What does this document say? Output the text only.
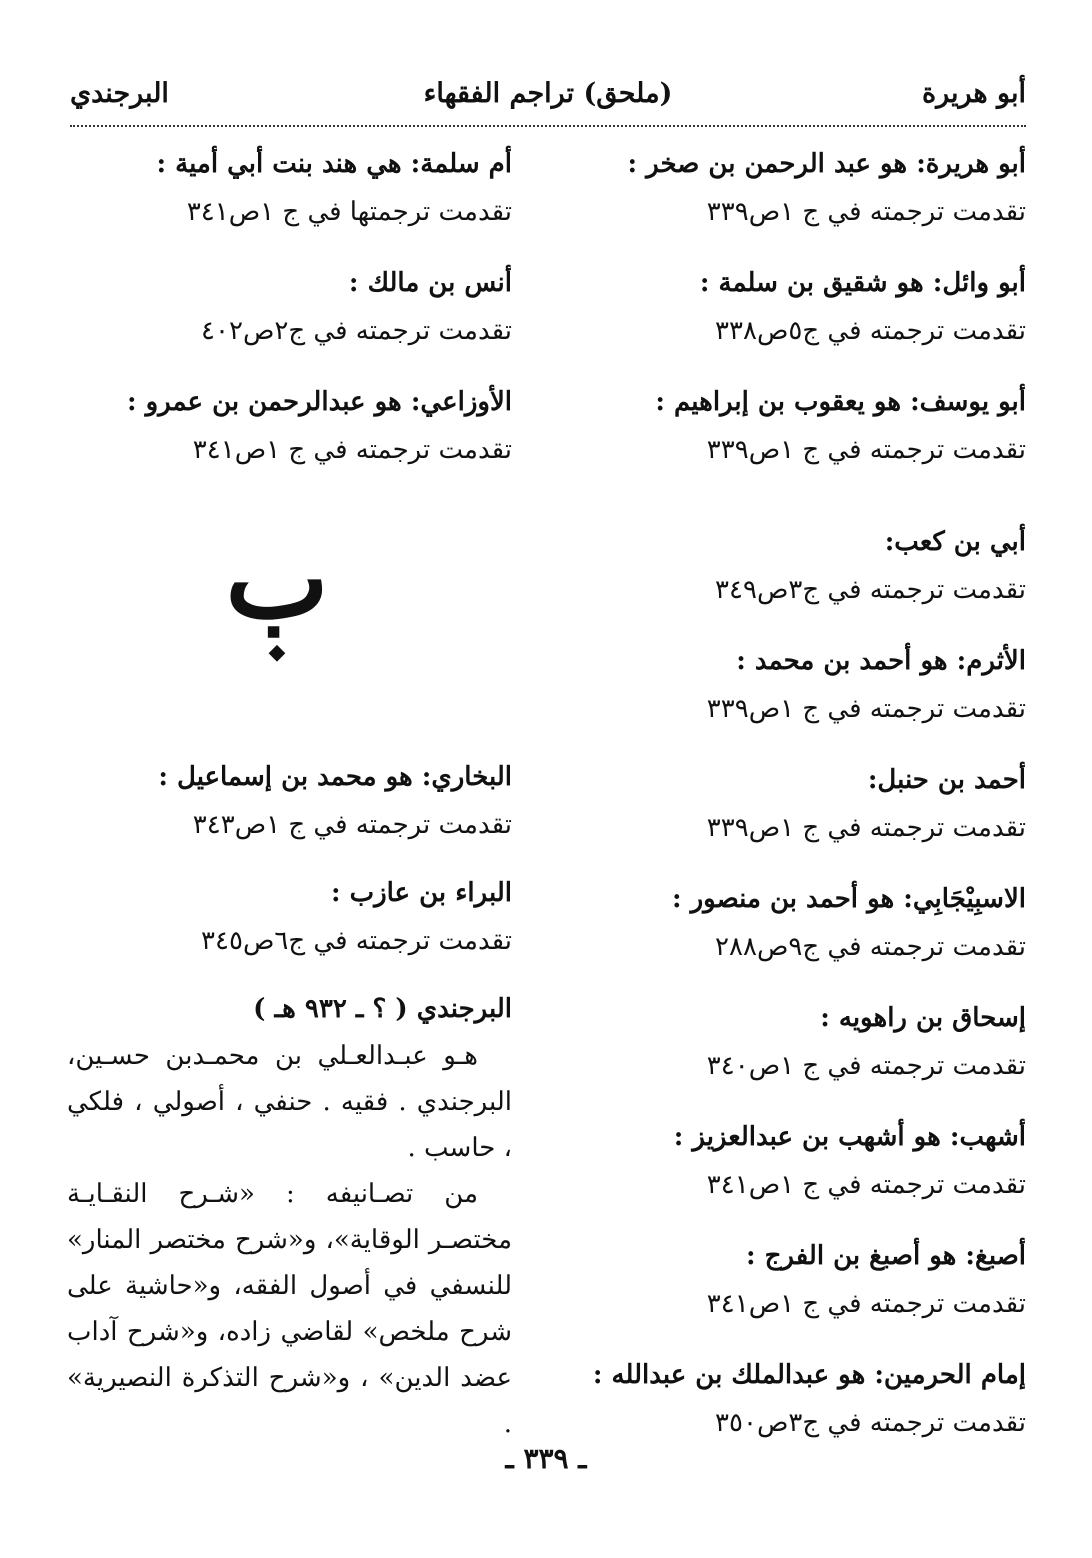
أبو هريرة
(ملحق) تراجم الفقهاء
البرجندي
أبو هريرة: هو عبد الرحمن بن صخر :
تقدمت ترجمته في ج ١ص٣٣٩
أبو وائل: هو شقيق بن سلمة :
تقدمت ترجمته في ج٥ص٣٣٨
أبو يوسف: هو يعقوب بن إبراهيم :
تقدمت ترجمته في ج ١ص٣٣٩
أبي بن كعب:
تقدمت ترجمته في ج٣ص٣٤٩
الأثرم: هو أحمد بن محمد :
تقدمت ترجمته في ج ١ص٣٣٩
أحمد بن حنبل:
تقدمت ترجمته في ج ١ص٣٣٩
الاسبِيْجَابِي: هو أحمد بن منصور :
تقدمت ترجمته في ج٩ص٢٨٨
إسحاق بن راهويه :
تقدمت ترجمته في ج ١ص٣٤٠
أشهب: هو أشهب بن عبدالعزيز :
تقدمت ترجمته في ج ١ص٣٤١
أصبغ: هو أصبغ بن الفرج :
تقدمت ترجمته في ج ١ص٣٤١
إمام الحرمين: هو عبدالملك بن عبدالله :
تقدمت ترجمته في ج٣ص٣٥٠
أم سلمة: هي هند بنت أبي أمية :
تقدمت ترجمتها في ج ١ص٣٤١
أنس بن مالك :
تقدمت ترجمته في ج٢ص٤٠٢
الأوزاعي: هو عبدالرحمن بن عمرو :
تقدمت ترجمته في ج ١ص٣٤١
ب
◆
البخاري: هو محمد بن إسماعيل :
تقدمت ترجمته في ج ١ص٣٤٣
البراء بن عازب :
تقدمت ترجمته في ج٦ص٣٤٥
البرجندي ( ؟ ـ ٩٣٢ هـ )

هـو عبـدالعـلي بن محمـدبن حسـين، البرجندي . فقيه . حنفي ، أصولي ، فلكي ، حاسب .

من تصـانيفه : «شـرح النقـايـة مختصـر الوقاية»، و«شرح مختصر المنار» للنسفي في أصول الفقه، و«حاشية على شرح ملخص» لقاضي زاده، و«شرح آداب عضد الدين» ، و«شرح التذكرة النصيرية» .

ـ ٣٣٩ ـ
